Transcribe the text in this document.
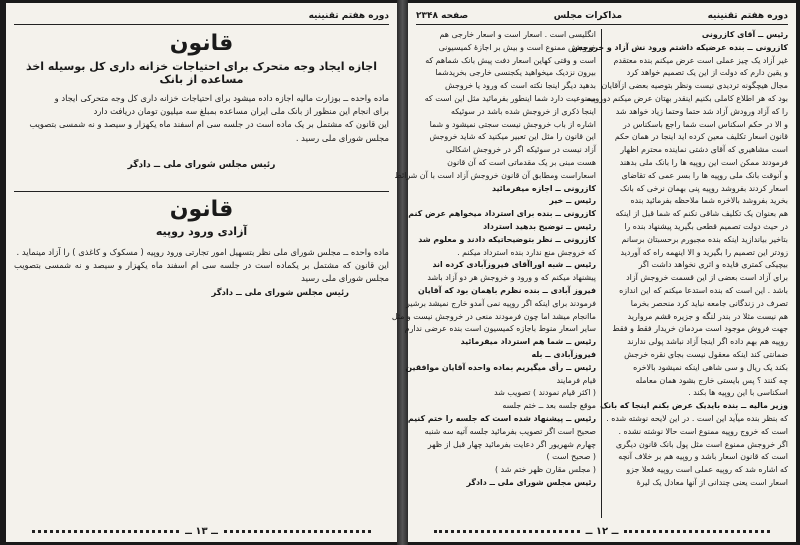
دوره هفتم تقنینیه
قانون
اجازه ایجاد وجه متحرک برای احتیاجات خزانه داری کل بوسیله اخذ مساعده از بانک
ماده واحده ــ بوزارت مالیه اجازه داده میشود برای احتیاجات خزانه داری کل وجه متحرکی ایجاد و
برای انجام این منظور از بانک ملی ایران مساعده بمبلغ سه میلیون تومان دریافت دارد
این قانون که مشتمل بر یک ماده است در جلسه سی ام اسفند ماه یکهزار و سیصد و نه شمسی بتصویب
مجلس شورای ملی رسید .
رئیس مجلس شورای ملی ــ دادگر
قانون
آزادی ورود روپیه
ماده واحده ــ مجلس شورای ملی نظر بتسهیل امور تجارتی ورود روپیه ( مسکوک و کاغذی ) را آزاد مینماید .
این قانون که مشتمل بر یکماده است در جلسه سی ام اسفند ماه یکهزار و سیصد و نه شمسی بتصویب مجلس شورای ملی رسید
رئیس مجلس شورای ملی ــ دادگر
ــ ۱۳ ــ
دوره هفتم تقنینیه
مذاکرات مجلس
صفحه ۲۳۴۸
رئیس ــ آقای کازرونی
کازرونی ــ بنده عرضیکه داشتم ورود نش آزاد و خروجش
غیر آزاد یک چیز عملی است عرض میکنم بنده معتقدم
و یقین دارم که دولت از این یک تصمیم خواهد کرد
مجال هیچگونه تردیدی نیست ونظر بتوصیه بعضی ازآقایان
بود که هر اطلاع کاملی بکنیم اینقدر بهتان عرض میکنم دوروپیه
را که آزاد ورودش آزاد شد حتما وحتما زیاد خواهد شد
و الا در حکم اسکناس است شما راجع باسکناس در
قانون اسعار تکلیف معین کرده اید اینجا در همان حکم
است مشاهیری که آقای دشتی نماینده محترم اظهار
فرمودند ممکن است این روپیه ها را بانک ملی بدهند
و آنوقت بانک ملی روپیه ها را بسر عمی که تقاضای
اسعار کردند بفروشد روپیه پنی بهمان نرخی که بانک
بخرید بفروشد بالاخره شما ملاحظه بفرمائید بنده
هم بعنوان یک تکلیف شاقی نکنم که شما قبل از اینکه
در حیث دولت تصمیم قطعی بگیرید پیشنهاد بنده را
بتاخیر بیاندازید اینکه بنده مجبورم برحسبتان برسانم
زودتر این تصمیم را بگیرید و الا اینهمه راه که آوردید
بیچیکی کمتری فایده و اثری نخواهد داشت اگر
برای آزاد است بعضی از این قسمت خروجش آزاد
باشد . این است که بنده استدعا میکنم که این اندازه
تصرف در زندگانی جامعه نباید کرد منحصر بخرما
هم نیست مثلا در بندر لنگه و جزیره قشم مروارید
جهت فروش موجود است مردمان خریدار فقط و فقط
روپیه هم بهم داده اگر اینجا آزاد نباشد پولی ندارند
ضمانتی کند اینکه معقول نیست بجای نقره خرجش
بکند یک ریال و سی شاهی اینکه نمیشود بالاخره
چه کنند ؟ پس بایستی خارج بشود همان معامله
اسکناسی با این روپیه ها بکند .
وزیر مالیه ــ بنده بایدیک عرض بکنم اینجا که بانک
که بنظر بنده میآید این است . در این لایحه نوشته شده .
است که خروج روپیه ممنوع است حالا نوشته نشده .
اگر خروجش ممنوع است مثل پول بانک قانون دیگری
است که قانون اسعار باشد و روپیه هم بر خلاف آنچه
که اشاره شد که روپیه عملی است روپیه فعلا جزو
اسعار است یعنی چندانی از آنها معادل یک لیرهٔ
انگلیسی است . اسعار است و اسعار خارجی هم
خروجش ممنوع است و بیش بر اجازهٔ کمیسیونی
است و وقتی کهاین اسعار دفت پیش بانک شماهم که
بیرون نزدیک میخواهید یکجنسی خارجی بخریدشما
بدهید دیگر اینجا نکته است که ورود یا خروجش
ممنوعیت دارد شما اینطور بفرمائید مثل این است که
اینجا ذکری از خروجش شده باشد در سوئیکه
اشاره از باب خروجش نیست سجتی نمیشود و شما
این قانون را مثل این تعبیر میکنید که شاید خروجش
آزاد نیست در سوئیکه اگر در خروجش اشکالی
هست مبنی بر یک مقدماتی است که آن قانون
اسعاراست ومطابق آن قانون خروجش آزاد است با آن شرائط
کازرونی ــ اجازه میفرمائید
رئیس ــ خیر
کازرونی ــ بنده برای استرداد میخواهم عرض کنم
رئیس ــ توضیح بدهید استرداد
کازرونی ــ نظر بتوضیحاتیکه دادند و معلوم شد
که خروجش منع ندارد بنده استرداد میکنم .
رئیس ــ شبه اوراآقای فیروزآبادی کرده اند
پیشنهاد میکنم که و ورود و خروجش هر دو آزاد باشد
فیروز آبادی ــ بنده نظرم باهمان بود که آقایان
فرمودند برای اینکه اگر روپیه نمی آمدو خارج نمیشد برشیر
ماانجام میشد اما چون فرمودند منعی در خروجش نیست و مثل
سایر اسعار منوط باجازه کمیسیون است بنده عرضی ندارم
رئیس ــ شما هم استرداد میفرمائید
فیروزآبادی ــ بله
رئیس ــ رأی میگیریم بماده واحده آقایان موافقین
قیام فرمایند
( اکثر قیام نمودند ) تصویب شد
موقع جلسه بعد ــ ختم جلسه
رئیس ــ پیشنهاد شده است که جلسه را ختم کنیم
صحیح است اگر تصویب بفرمائید جلسه آتیه سه شنبه
چهارم شهریور اگر دعایت بفرمائید چهار قبل از ظهر
( صحیح است )
( مجلس مقارن ظهر ختم شد )
رئیس مجلس شورای ملی ــ دادگر
ــ ۱۲ ــ
